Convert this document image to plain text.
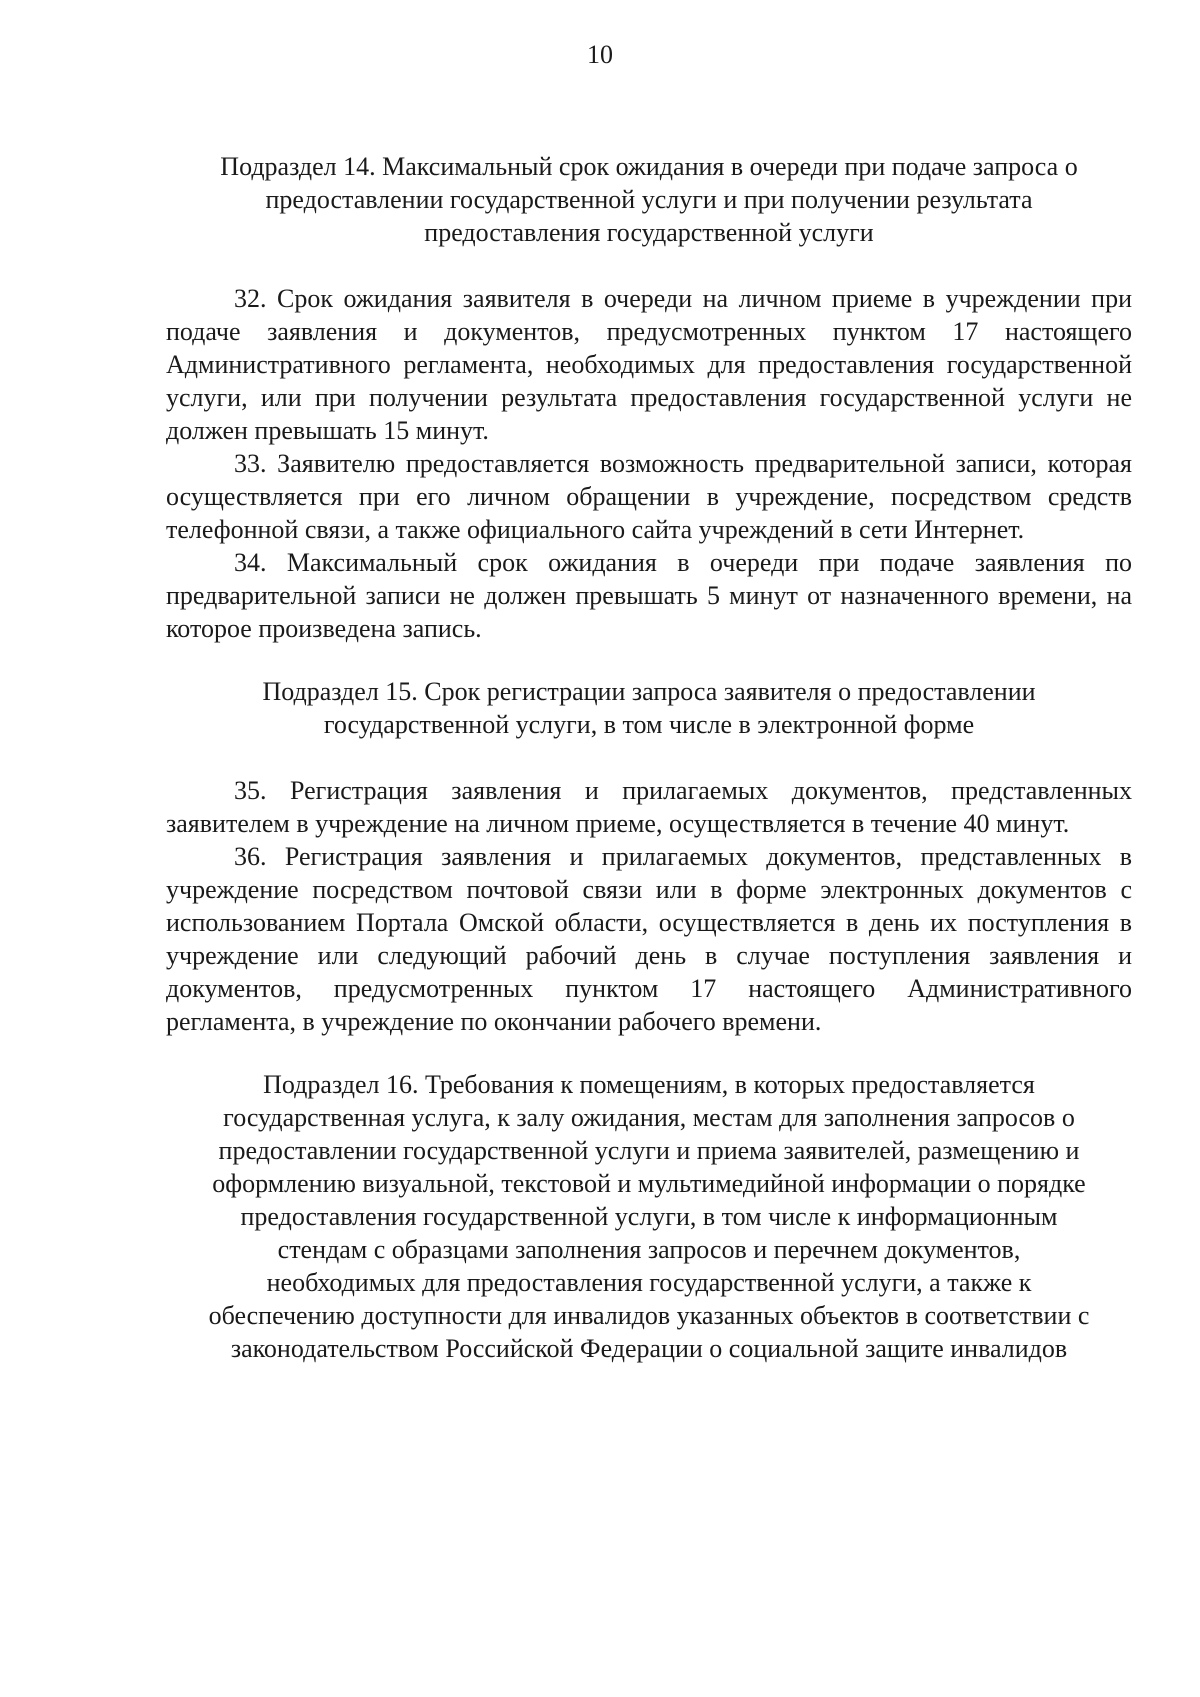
10
Подраздел 14. Максимальный срок ожидания в очереди при подаче запроса о предоставлении государственной услуги и при получении результата предоставления государственной услуги

32. Срок ожидания заявителя в очереди на личном приеме в учреждении при подаче заявления и документов, предусмотренных пунктом 17 настоящего Административного регламента, необходимых для предоставления государственной услуги, или при получении результата предоставления государственной услуги не должен превышать 15 минут.

33. Заявителю предоставляется возможность предварительной записи, которая осуществляется при его личном обращении в учреждение, посредством средств телефонной связи, а также официального сайта учреждений в сети Интернет.

34. Максимальный срок ожидания в очереди при подаче заявления по предварительной записи не должен превышать 5 минут от назначенного времени, на которое произведена запись.

Подраздел 15. Срок регистрации запроса заявителя о предоставлении государственной услуги, в том числе в электронной форме

35. Регистрация заявления и прилагаемых документов, представленных заявителем в учреждение на личном приеме, осуществляется в течение 40 минут.

36. Регистрация заявления и прилагаемых документов, представленных в учреждение посредством почтовой связи или в форме электронных документов с использованием Портала Омской области, осуществляется в день их поступления в учреждение или следующий рабочий день в случае поступления заявления и документов, предусмотренных пунктом 17 настоящего Административного регламента, в учреждение по окончании рабочего времени.

Подраздел 16. Требования к помещениям, в которых предоставляется государственная услуга, к залу ожидания, местам для заполнения запросов о предоставлении государственной услуги и приема заявителей, размещению и оформлению визуальной, текстовой и мультимедийной информации о порядке предоставления государственной услуги, в том числе к информационным стендам с образцами заполнения запросов и перечнем документов, необходимых для предоставления государственной услуги, а также к обеспечению доступности для инвалидов указанных объектов в соответствии с законодательством Российской Федерации о социальной защите инвалидов
